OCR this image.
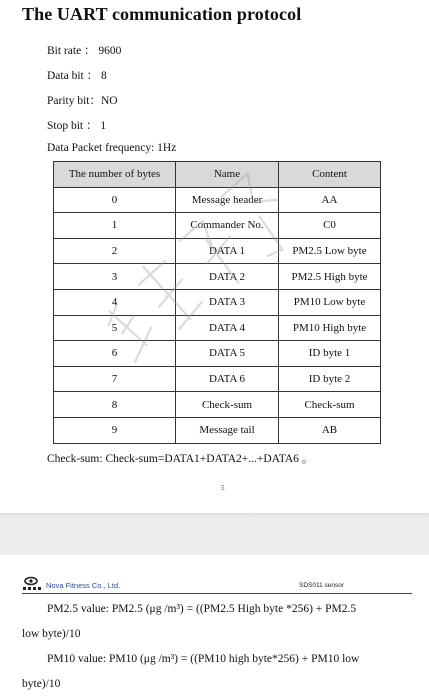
The UART communication protocol
Bit rate ： 9600
Data bit ： 8
Parity bit：NO
Stop bit ： 1
Data Packet frequency: 1Hz
The number of bytes	Name	Content
0	Message header	AA
1	Commander No.	C0
2	DATA 1	PM2.5 Low byte
3	DATA 2	PM2.5 High byte
4	DATA 3	PM10 Low byte
5	DATA 4	PM10 High byte
6	DATA 5	ID byte 1
7	DATA 6	ID byte 2
8	Check-sum	Check-sum
9	Message tail	AB
Check-sum: Check-sum=DATA1+DATA2+...+DATA6 。
5
Nova Fitness Co., Ltd.	SDS011 sensor
PM2.5 value: PM2.5 (μg /m³) = ((PM2.5 High byte *256) + PM2.5
low byte)/10
PM10 value: PM10 (μg /m³) = ((PM10 high byte*256) + PM10 low
byte)/10
